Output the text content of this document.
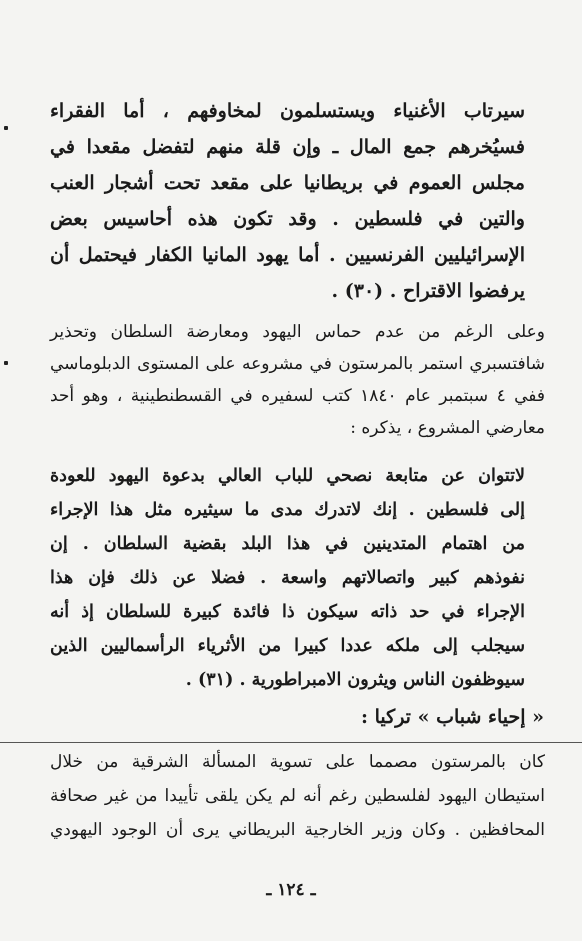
سيرتاب الأغنياء ويستسلمون لمخاوفهم ، أما الفقراء
فسيُخرهم جمع المال ـ وإن قلة منهم لتفضل مقعدا في
مجلس العموم في بريطانيا على مقعد تحت أشجار العنب
والتين في فلسطين . وقد تكون هذه أحاسيس بعض
الإسرائيليين الفرنسيين . أما يهود المانيا الكفار فيحتمل أن
يرفضوا الاقتراح . (٣٠) .
وعلى الرغم من عدم حماس اليهود ومعارضة السلطان وتحذير
شافتسبري استمر بالمرستون في مشروعه على المستوى الدبلوماسي
ففي ٤ سبتمبر عام ١٨٤٠ كتب لسفيره في القسطنطينية ، وهو أحد
معارضي المشروع ، يذكره :
لاتتوان عن متابعة نصحي للباب العالي بدعوة اليهود للعودة
إلى فلسطين . إنك لاتدرك مدى ما سيثيره مثل هذا الإجراء
من اهتمام المتدينين في هذا البلد بقضية السلطان . إن
نفوذهم كبير واتصالاتهم واسعة . فضلا عن ذلك فإن هذا
الإجراء في حد ذاته سيكون ذا فائدة كبيرة للسلطان إذ أنه
سيجلب إلى ملكه عددا كبيرا من الأثرياء الرأسماليين الذين
سيوظفون الناس ويثرون الامبراطورية . (٣١) .
« إحياء شباب » تركيا :
كان بالمرستون مصمما على تسوية المسألة الشرقية من خلال
استيطان اليهود لفلسطين رغم أنه لم يكن يلقى تأييدا من غير صحافة
المحافظين . وكان وزير الخارجية البريطاني يرى أن الوجود اليهودي
ـ ١٢٤ ـ
